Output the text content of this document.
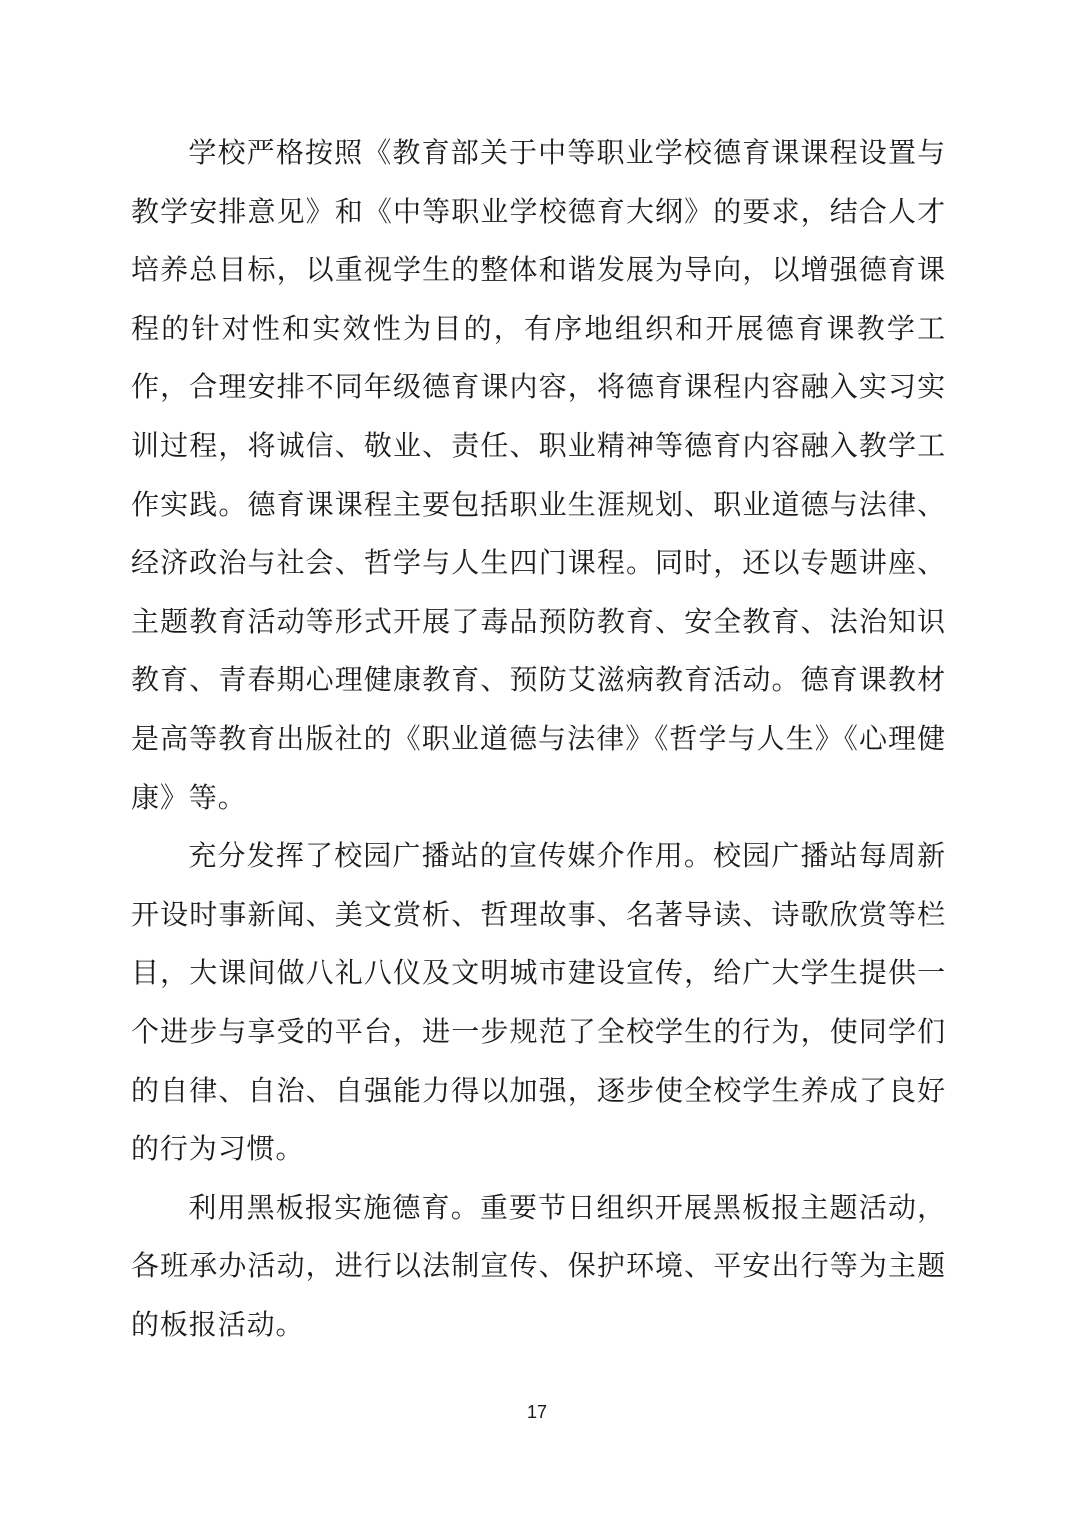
学校严格按照《教育部关于中等职业学校德育课课程设置与教学安排意见》和《中等职业学校德育大纲》的要求，结合人才培养总目标，以重视学生的整体和谐发展为导向，以增强德育课程的针对性和实效性为目的，有序地组织和开展德育课教学工作，合理安排不同年级德育课内容，将德育课程内容融入实习实训过程，将诚信、敬业、责任、职业精神等德育内容融入教学工作实践。德育课课程主要包括职业生涯规划、职业道德与法律、经济政治与社会、哲学与人生四门课程。同时，还以专题讲座、主题教育活动等形式开展了毒品预防教育、安全教育、法治知识教育、青春期心理健康教育、预防艾滋病教育活动。德育课教材是高等教育出版社的《职业道德与法律》《哲学与人生》《心理健康》等。

充分发挥了校园广播站的宣传媒介作用。校园广播站每周新开设时事新闻、美文赏析、哲理故事、名著导读、诗歌欣赏等栏目，大课间做八礼八仪及文明城市建设宣传，给广大学生提供一个进步与享受的平台，进一步规范了全校学生的行为，使同学们的自律、自治、自强能力得以加强，逐步使全校学生养成了良好的行为习惯。

利用黑板报实施德育。重要节日组织开展黑板报主题活动，各班承办活动，进行以法制宣传、保护环境、平安出行等为主题的板报活动。

17
